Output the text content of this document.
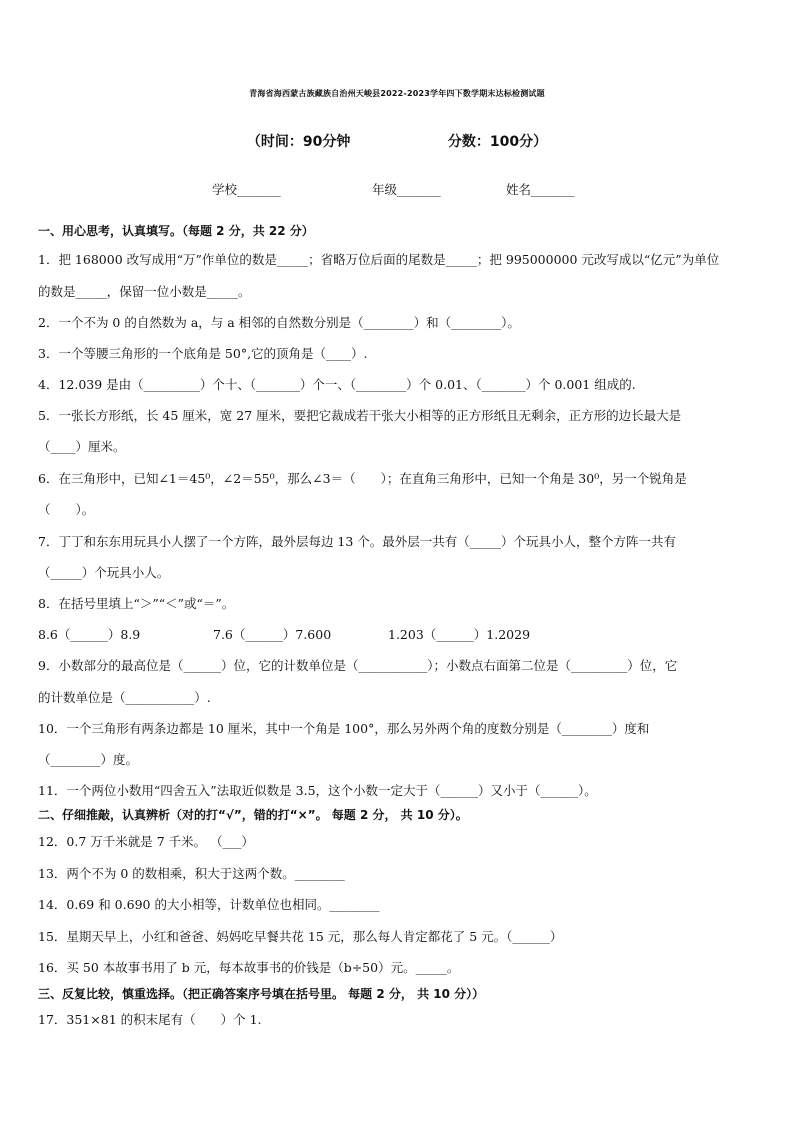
青海省海西蒙古族藏族自治州天峻县2022-2023学年四下数学期末达标检测试题
（时间：90分钟                    分数：100分）
学校_______	年级_______	姓名_______
一、用心思考，认真填写。（每题 2 分，共 22 分）
1．把 168000 改写成用“万”作单位的数是_____；省略万位后面的尾数是_____；把 995000000 元改写成以“亿元”为单位
的数是_____，保留一位小数是_____。
2．一个不为 0 的自然数为 a，与 a 相邻的自然数分别是（________）和（________）。
3．一个等腰三角形的一个底角是 50°,它的顶角是（____）.
4．12.039 是由（_________）个十、（_______）个一、（________）个 0.01、（_______）个 0.001 组成的.
5．一张长方形纸，长 45 厘米，宽 27 厘米，要把它裁成若干张大小相等的正方形纸且无剩余，正方形的边长最大是
（____）厘米。
6．在三角形中，已知∠1＝45⁰，∠2＝55⁰，那么∠3＝（　　）；在直角三角形中，已知一个角是 30⁰，另一个锐角是
（　　）。
7．丁丁和东东用玩具小人摆了一个方阵，最外层每边 13 个。最外层一共有（_____）个玩具小人，整个方阵一共有
（_____）个玩具小人。
8．在括号里填上“＞”“＜”或“＝”。
8.6（______）8.9	7.6（______）7.600	1.203（______）1.2029
9．小数部分的最高位是（______）位，它的计数单位是（___________）；小数点右面第二位是（_________）位，它
的计数单位是（___________）.
10．一个三角形有两条边都是 10 厘米，其中一个角是 100°，那么另外两个角的度数分别是（________）度和
（________）度。
11．一个两位小数用“四舍五入”法取近似数是 3.5，这个小数一定大于（______）又小于（______）。
二、仔细推敲，认真辨析（对的打“√”，错的打“×”。 每题 2 分， 共 10 分）。
12．0.7 万千米就是 7 千米。 （___）
13．两个不为 0 的数相乘，积大于这两个数。________
14．0.69 和 0.690 的大小相等，计数单位也相同。________
15．星期天早上，小红和爸爸、妈妈吃早餐共花 15 元，那么每人肯定都花了 5 元。（______）
16．买 50 本故事书用了 b 元，每本故事书的价钱是（b÷50）元。_____。
三、反复比较，慎重选择。（把正确答案序号填在括号里。 每题 2 分， 共 10 分））
17．351×81 的积末尾有（　　）个 1.
